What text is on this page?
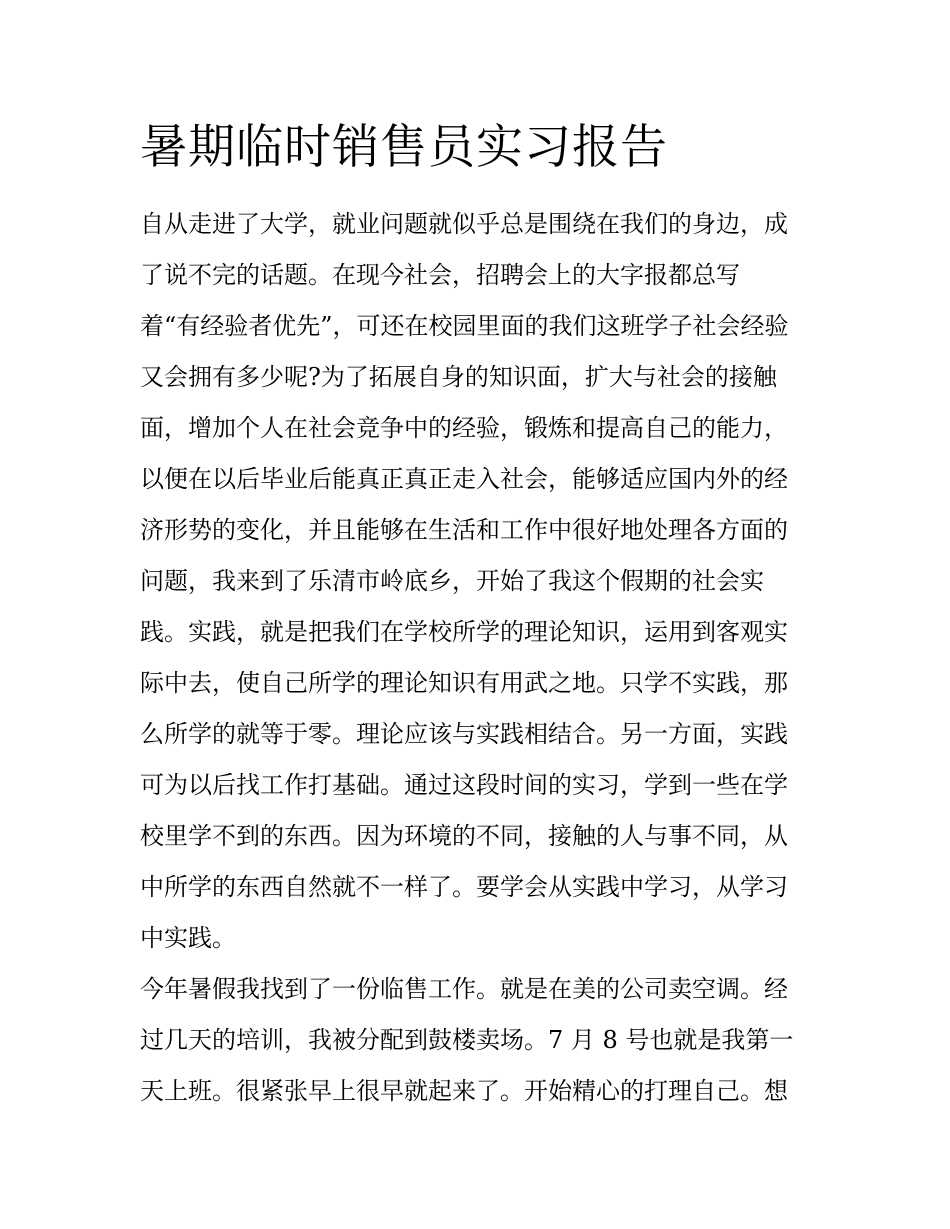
暑期临时销售员实习报告

自从走进了大学，就业问题就似乎总是围绕在我们的身边，成

了说不完的话题。在现今社会，招聘会上的大字报都总写

着“有经验者优先”，可还在校园里面的我们这班学子社会经验

又会拥有多少呢?为了拓展自身的知识面，扩大与社会的接触

面，增加个人在社会竞争中的经验，锻炼和提高自己的能力，

以便在以后毕业后能真正真正走入社会，能够适应国内外的经

济形势的变化，并且能够在生活和工作中很好地处理各方面的

问题，我来到了乐清市岭底乡，开始了我这个假期的社会实

践。实践，就是把我们在学校所学的理论知识，运用到客观实

际中去，使自己所学的理论知识有用武之地。只学不实践，那

么所学的就等于零。理论应该与实践相结合。另一方面，实践

可为以后找工作打基础。通过这段时间的实习，学到一些在学

校里学不到的东西。因为环境的不同，接触的人与事不同，从

中所学的东西自然就不一样了。要学会从实践中学习，从学习

中实践。

今年暑假我找到了一份临售工作。就是在美的公司卖空调。经

过几天的培训，我被分配到鼓楼卖场。7 月 8 号也就是我第一

天上班。很紧张早上很早就起来了。开始精心的打理自己。想
